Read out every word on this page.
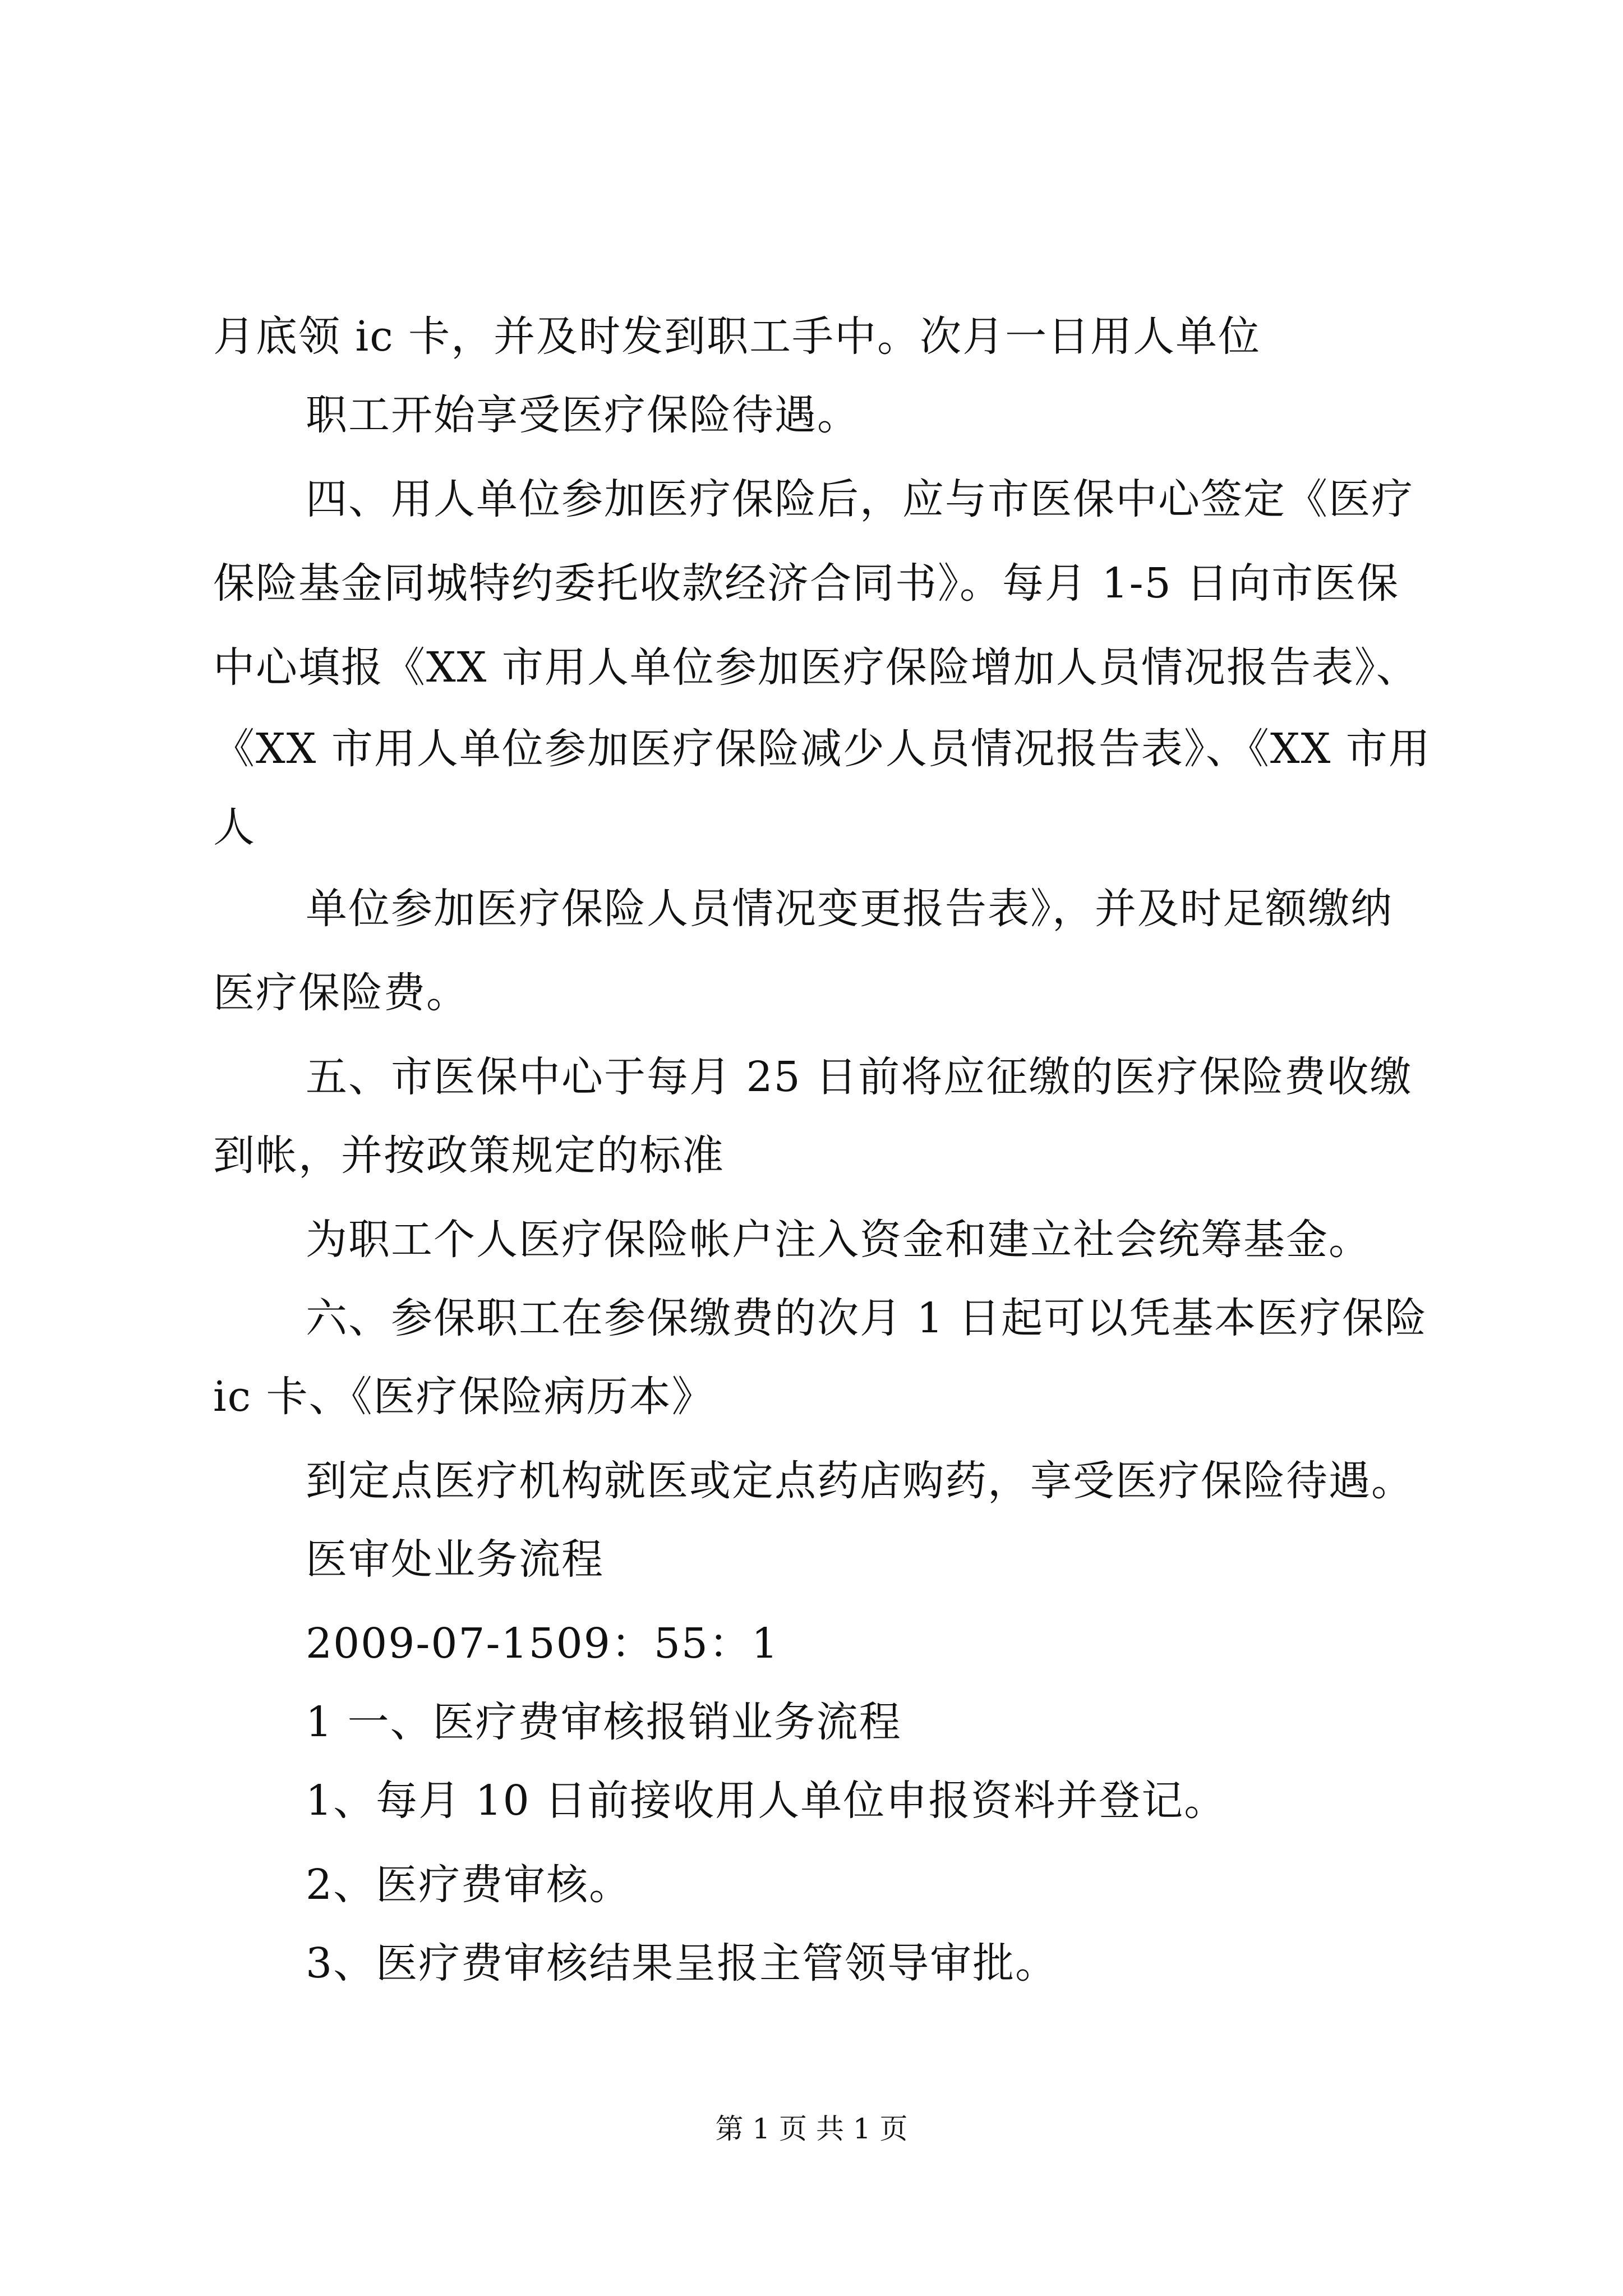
月底领 ic 卡，并及时发到职工手中。次月一日用人单位
职工开始享受医疗保险待遇。
四、用人单位参加医疗保险后，应与市医保中心签定《医疗
保险基金同城特约委托收款经济合同书》。每月 1-5 日向市医保
中心填报《XX 市用人单位参加医疗保险增加人员情况报告表》、
《XX 市用人单位参加医疗保险减少人员情况报告表》、《XX 市用
人
单位参加医疗保险人员情况变更报告表》，并及时足额缴纳
医疗保险费。
五、市医保中心于每月 25 日前将应征缴的医疗保险费收缴
到帐，并按政策规定的标准
为职工个人医疗保险帐户注入资金和建立社会统筹基金。
六、参保职工在参保缴费的次月 1 日起可以凭基本医疗保险
ic 卡、《医疗保险病历本》
到定点医疗机构就医或定点药店购药，享受医疗保险待遇。
医审处业务流程
2009-07-1509：55：1
1 一、医疗费审核报销业务流程
1、每月 10 日前接收用人单位申报资料并登记。
2、医疗费审核。
3、医疗费审核结果呈报主管领导审批。
第 1 页 共 1 页
